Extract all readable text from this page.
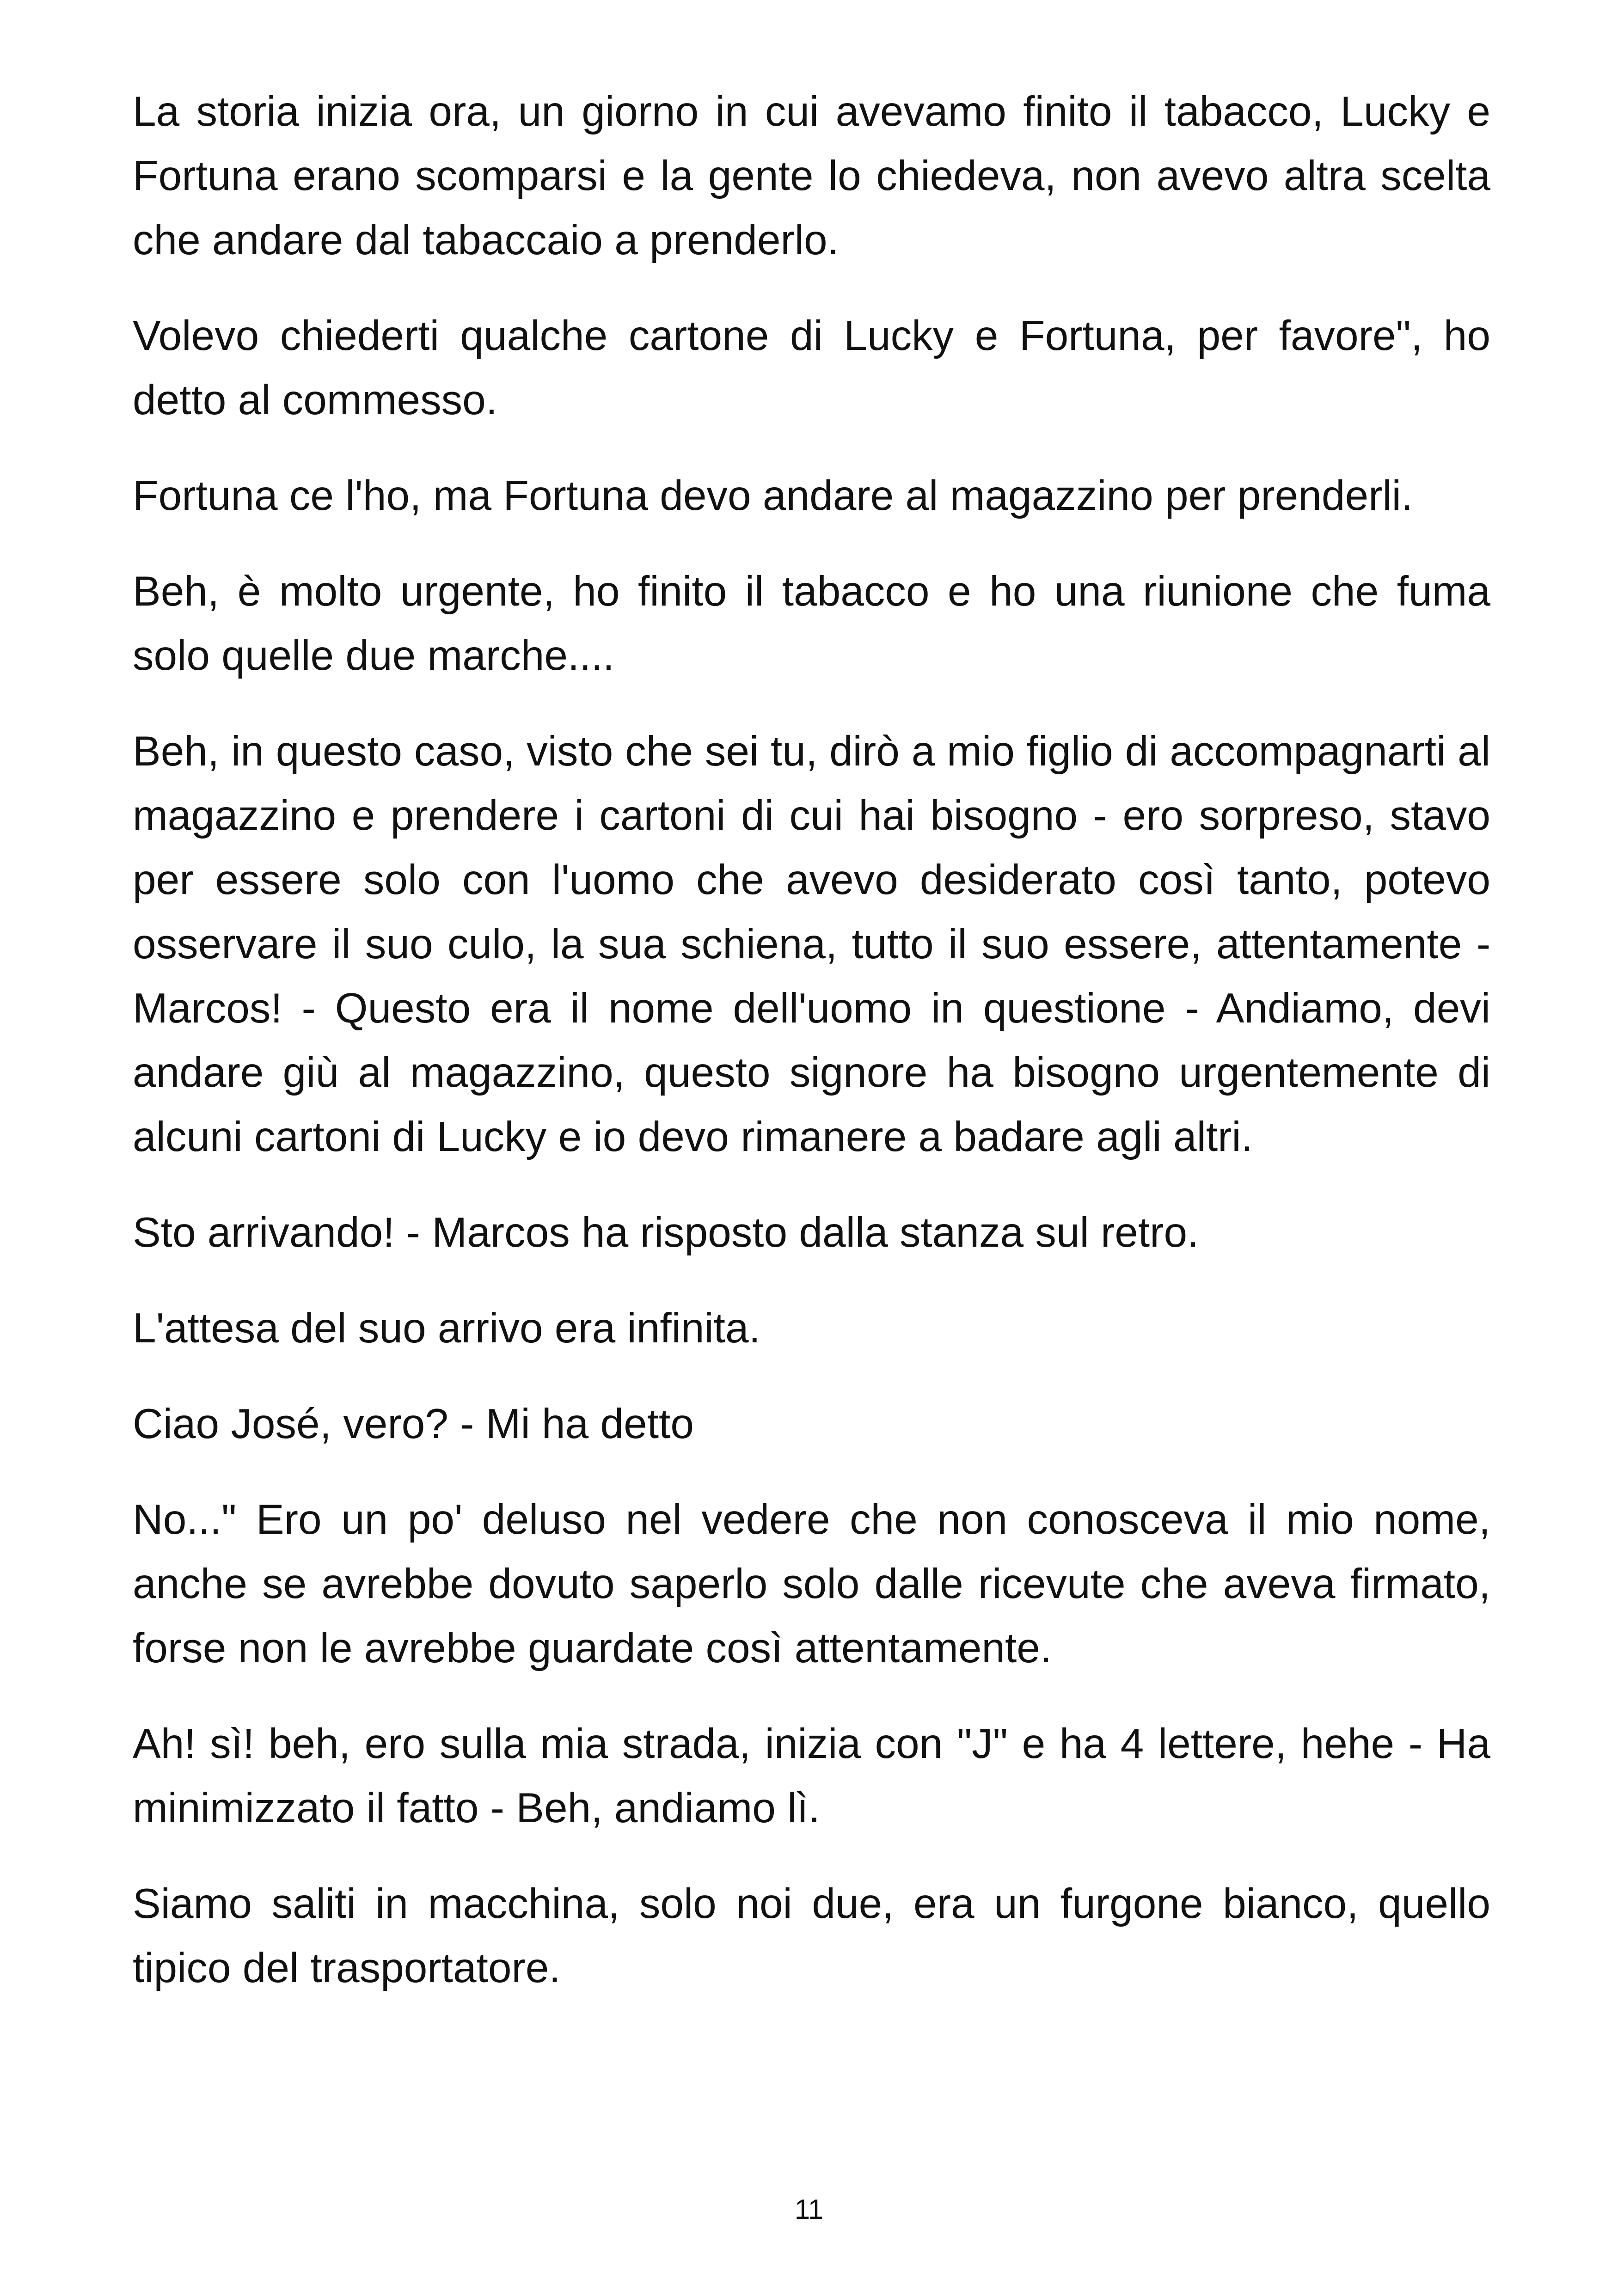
La storia inizia ora, un giorno in cui avevamo finito il tabacco, Lucky e Fortuna erano scomparsi e la gente lo chiedeva, non avevo altra scelta che andare dal tabaccaio a prenderlo.

Volevo chiederti qualche cartone di Lucky e Fortuna, per favore", ho detto al commesso.

Fortuna ce l'ho, ma Fortuna devo andare al magazzino per prenderli.

Beh, è molto urgente, ho finito il tabacco e ho una riunione che fuma solo quelle due marche....

Beh, in questo caso, visto che sei tu, dirò a mio figlio di accompagnarti al magazzino e prendere i cartoni di cui hai bisogno - ero sorpreso, stavo per essere solo con l'uomo che avevo desiderato così tanto, potevo osservare il suo culo, la sua schiena, tutto il suo essere, attentamente - Marcos! - Questo era il nome dell'uomo in questione - Andiamo, devi andare giù al magazzino, questo signore ha bisogno urgentemente di alcuni cartoni di Lucky e io devo rimanere a badare agli altri.

Sto arrivando! - Marcos ha risposto dalla stanza sul retro.

L'attesa del suo arrivo era infinita.

Ciao José, vero? - Mi ha detto

No..." Ero un po' deluso nel vedere che non conosceva il mio nome, anche se avrebbe dovuto saperlo solo dalle ricevute che aveva firmato, forse non le avrebbe guardate così attentamente.

Ah! sì! beh, ero sulla mia strada, inizia con "J" e ha 4 lettere, hehe - Ha minimizzato il fatto - Beh, andiamo lì.

Siamo saliti in macchina, solo noi due, era un furgone bianco, quello tipico del trasportatore.

11
